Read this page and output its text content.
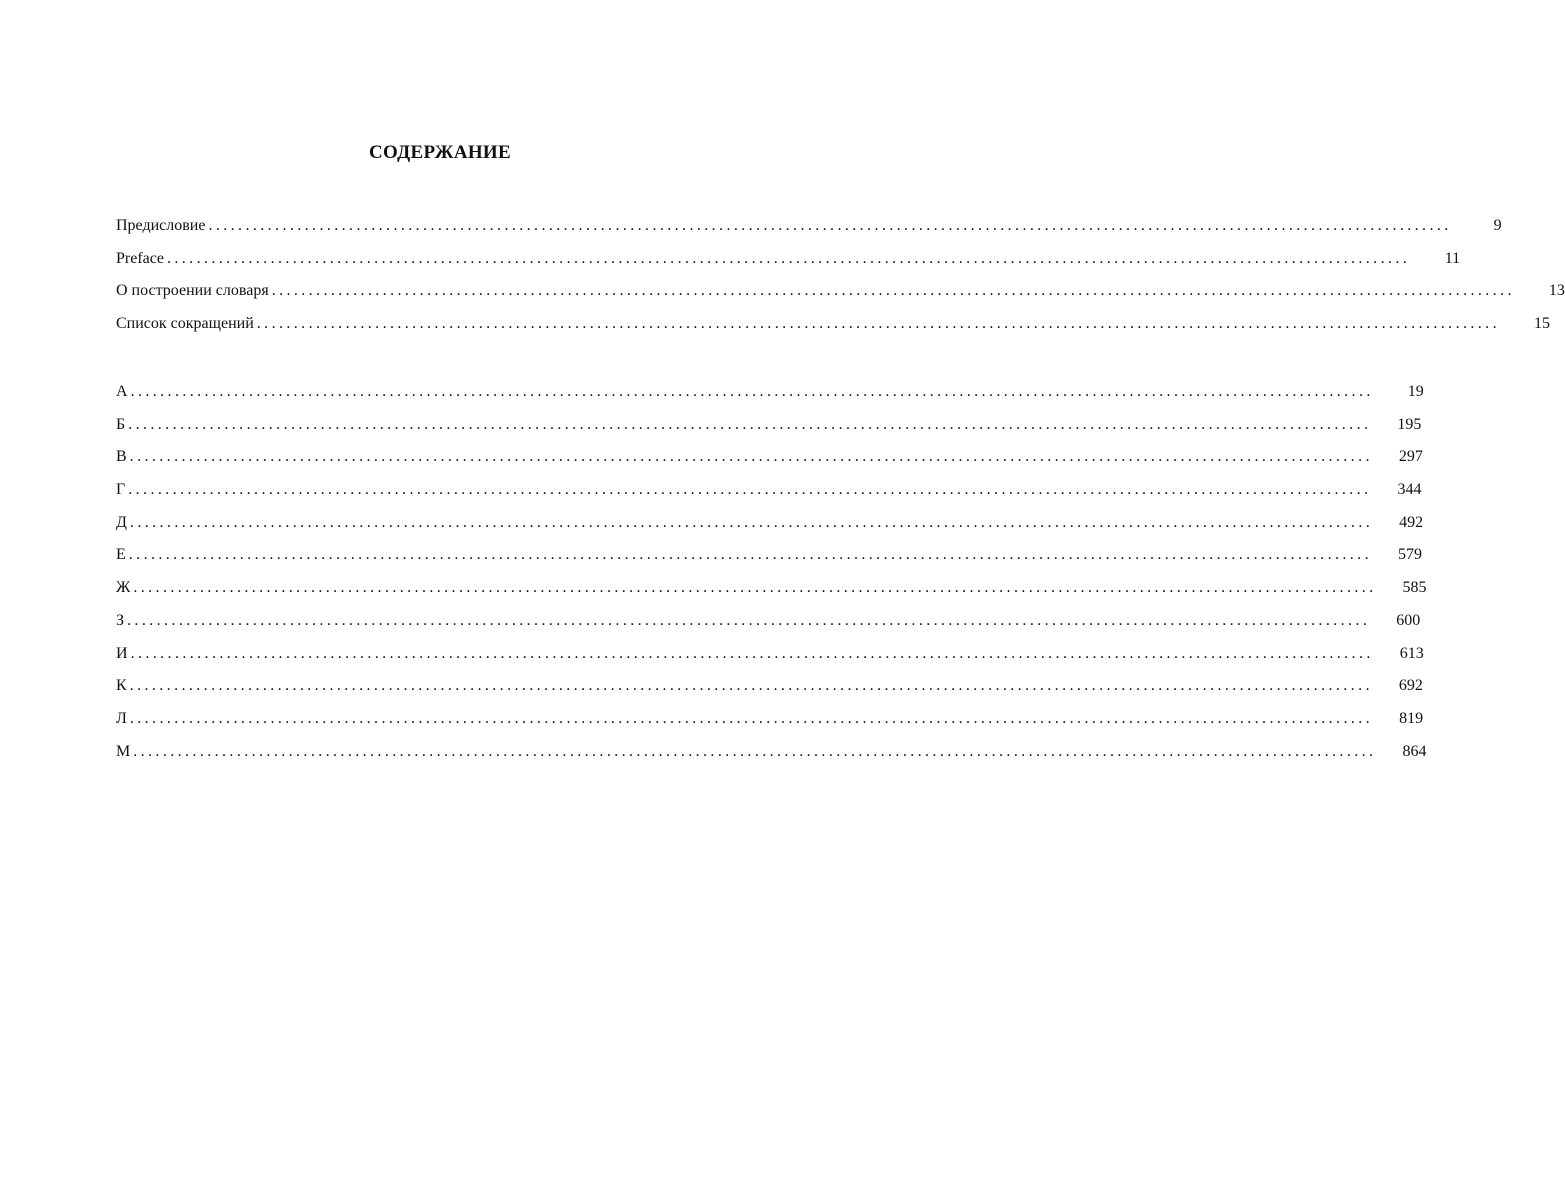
СОДЕРЖАНИЕ
Предисловие ........................................................................................................................................................................	9
Preface ........................................................................................................................................................................	11
О построении словаря ........................................................................................................................................................................	13
Список сокращений ........................................................................................................................................................................	15
А ........................................................................................................................................................................	19
Б ........................................................................................................................................................................	195
В ........................................................................................................................................................................	297
Г ........................................................................................................................................................................	344
Д ........................................................................................................................................................................	492
Е ........................................................................................................................................................................	579
Ж ........................................................................................................................................................................	585
З ........................................................................................................................................................................	600
И ........................................................................................................................................................................	613
К ........................................................................................................................................................................	692
Л ........................................................................................................................................................................	819
М ........................................................................................................................................................................	864
